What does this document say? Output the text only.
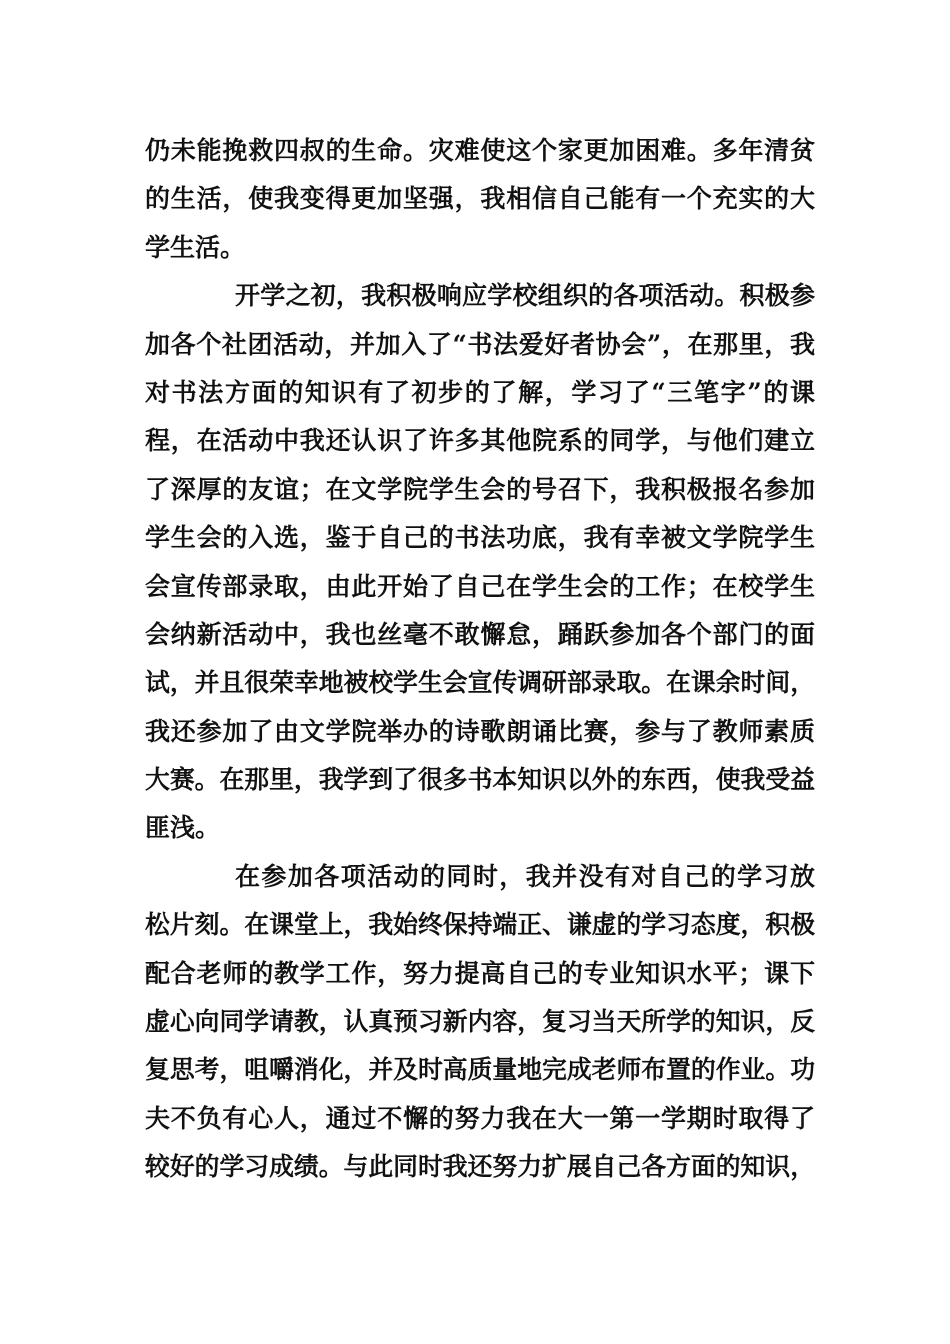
仍未能挽救四叔的生命。灾难使这个家更加困难。多年清贫
的生活，使我变得更加坚强，我相信自己能有一个充实的大
学生活。
开学之初，我积极响应学校组织的各项活动。积极参
加各个社团活动，并加入了“书法爱好者协会”，在那里，我
对书法方面的知识有了初步的了解，学习了“三笔字”的课
程，在活动中我还认识了许多其他院系的同学，与他们建立
了深厚的友谊；在文学院学生会的号召下，我积极报名参加
学生会的入选，鉴于自己的书法功底，我有幸被文学院学生
会宣传部录取，由此开始了自己在学生会的工作；在校学生
会纳新活动中，我也丝毫不敢懈怠，踊跃参加各个部门的面
试，并且很荣幸地被校学生会宣传调研部录取。在课余时间，
我还参加了由文学院举办的诗歌朗诵比赛，参与了教师素质
大赛。在那里，我学到了很多书本知识以外的东西，使我受益
匪浅。
在参加各项活动的同时，我并没有对自己的学习放
松片刻。在课堂上，我始终保持端正、谦虚的学习态度，积极
配合老师的教学工作，努力提高自己的专业知识水平；课下
虚心向同学请教，认真预习新内容，复习当天所学的知识，反
复思考，咀嚼消化，并及时高质量地完成老师布置的作业。功
夫不负有心人，通过不懈的努力我在大一第一学期时取得了
较好的学习成绩。与此同时我还努力扩展自己各方面的知识，
